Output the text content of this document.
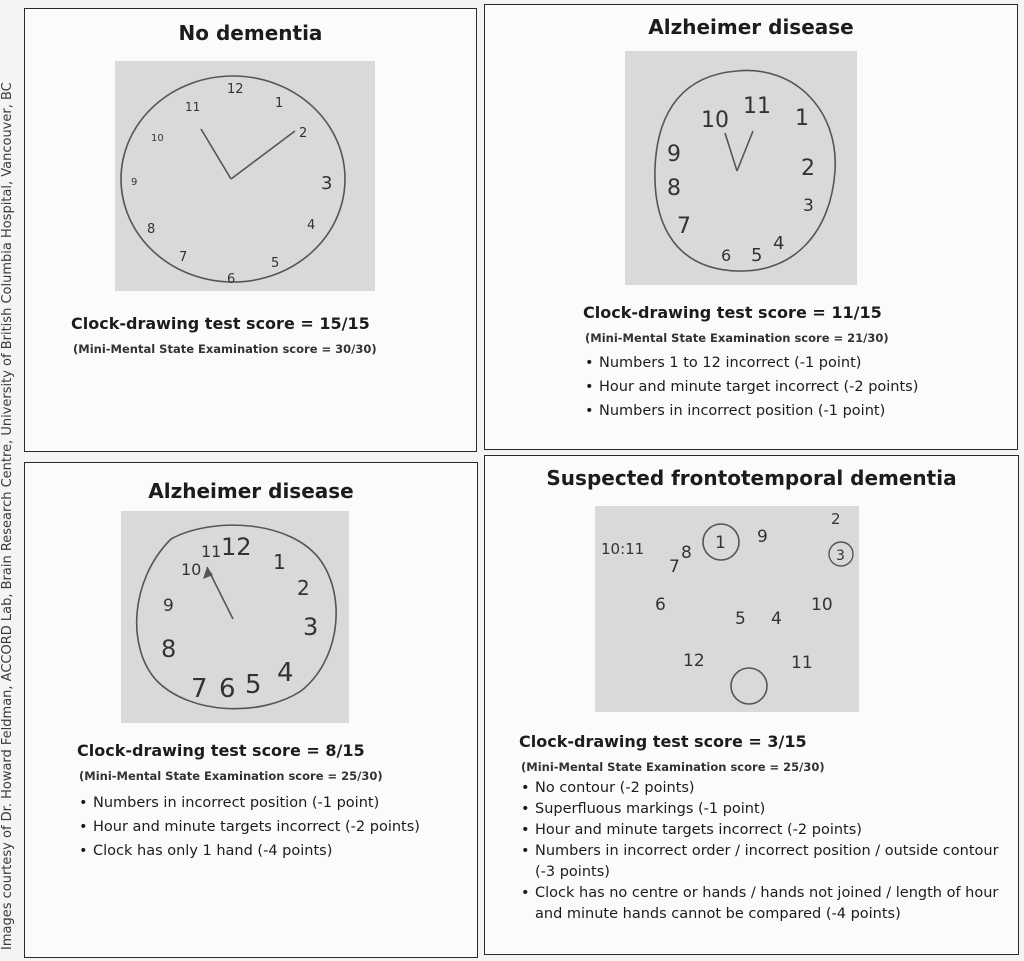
Images courtesy of Dr. Howard Feldman, ACCORD Lab, Brain Research Centre, University of British Columbia Hospital, Vancouver, BC
No dementia
12
1
2
3
4
5
6
7
8
9
10
11
Clock-drawing test score = 15/15
(Mini-Mental State Examination score = 30/30)
Alzheimer disease
10
11 1
2
3
4
5
6
7
8
9
Clock-drawing test score = 11/15
(Mini-Mental State Examination score = 21/30)
• Numbers 1 to 12 incorrect (-1 point)
• Hour and minute target incorrect (-2 points)
• Numbers in incorrect position (-1 point)
Alzheimer disease
10
11 12
1
2
3
4
5
6
7
8
9
Clock-drawing test score = 8/15
(Mini-Mental State Examination score = 25/30)
• Numbers in incorrect position (-1 point)
• Hour and minute targets incorrect (-2 points)
• Clock has only 1 hand (-4 points)
Suspected frontotemporal dementia
10:11
7
8 1 9
2
3
6
5 4
10
12	11
Clock-drawing test score = 3/15
(Mini-Mental State Examination score = 25/30)
• No contour (-2 points)
• Superfluous markings (-1 point)
• Hour and minute targets incorrect (-2 points)
• Numbers in incorrect order / incorrect position / outside contour (-3 points)
• Clock has no centre or hands / hands not joined / length of hour and minute hands cannot be compared (-4 points)
